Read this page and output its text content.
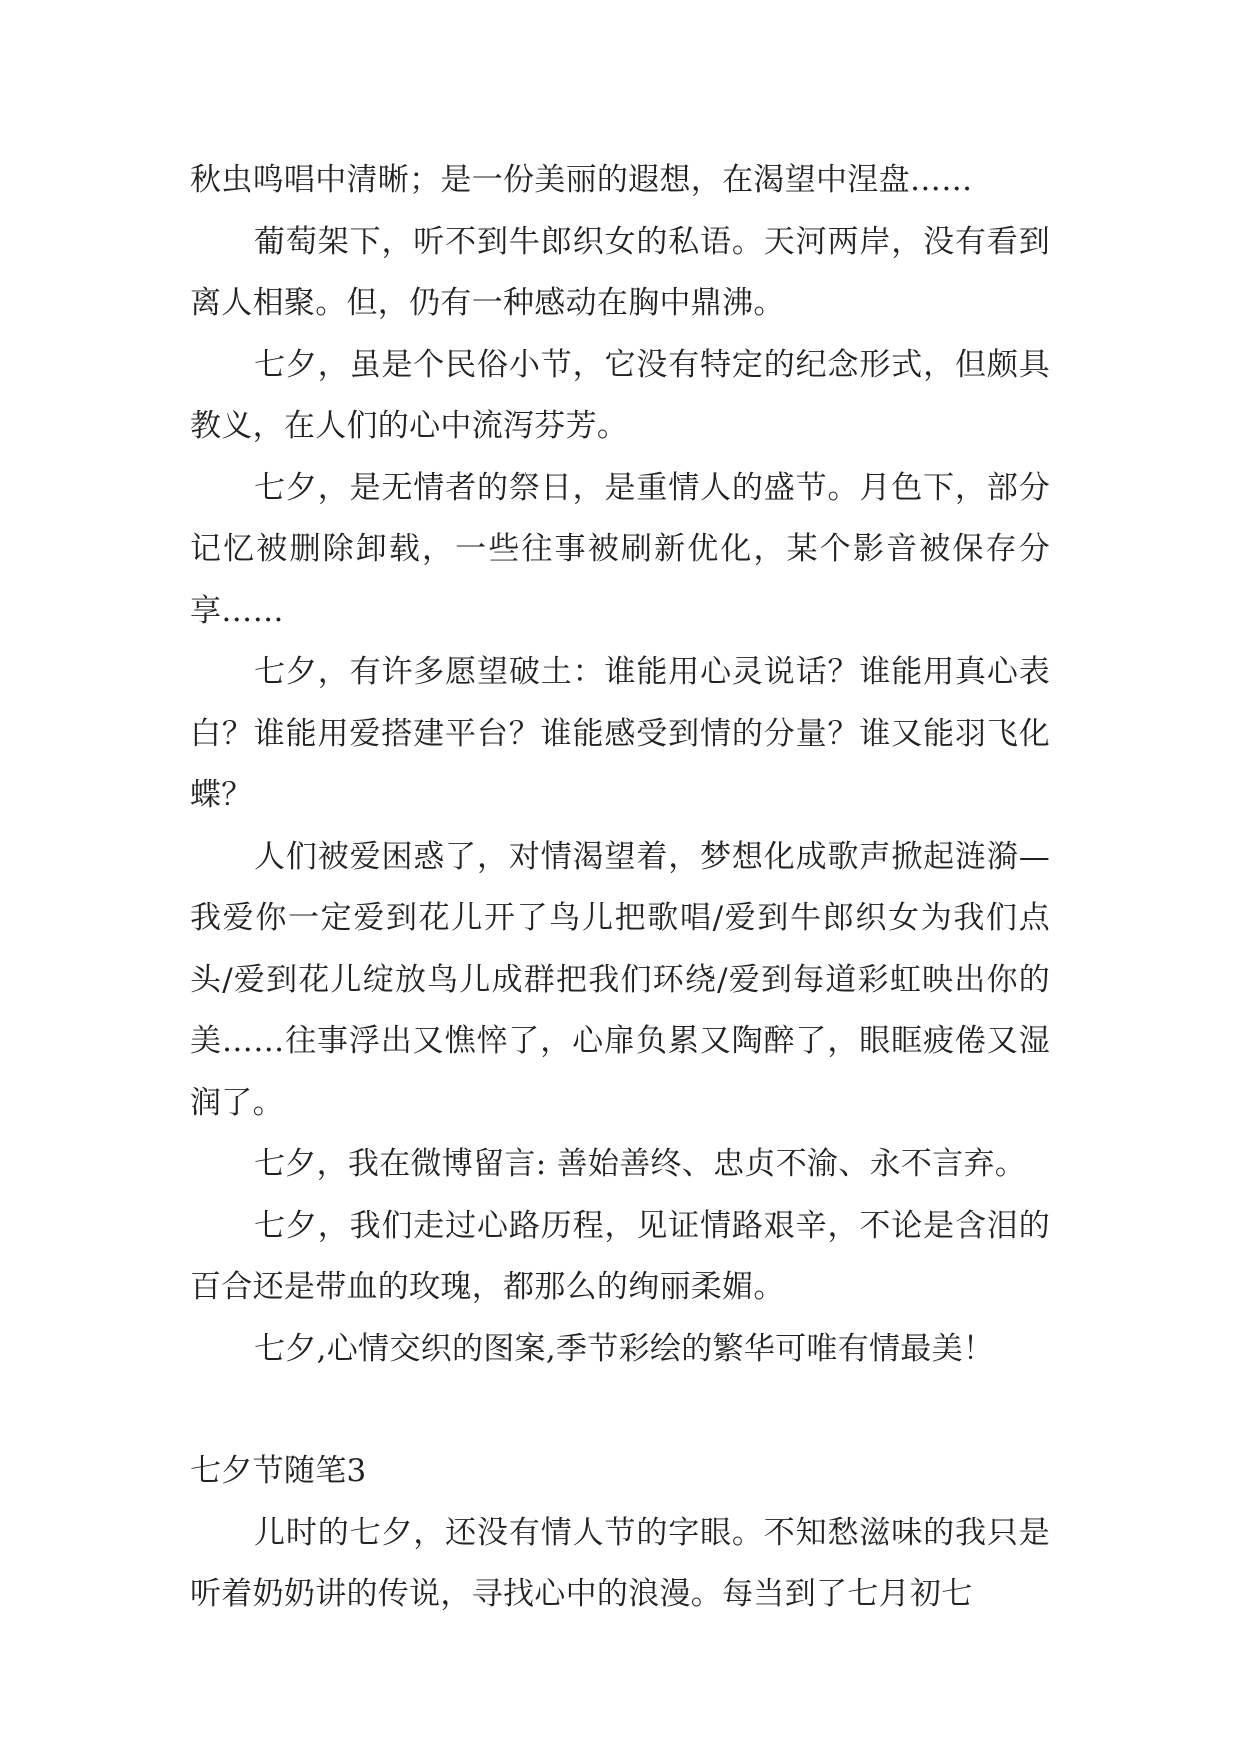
秋虫鸣唱中清晰；是一份美丽的遐想，在渴望中涅盘……

葡萄架下，听不到牛郎织女的私语。天河两岸，没有看到离人相聚。但，仍有一种感动在胸中鼎沸。

七夕，虽是个民俗小节，它没有特定的纪念形式，但颇具教义，在人们的心中流泻芬芳。

七夕，是无情者的祭日，是重情人的盛节。月色下，部分记忆被删除卸载，一些往事被刷新优化，某个影音被保存分享……

七夕，有许多愿望破土：谁能用心灵说话？谁能用真心表白？谁能用爱搭建平台？谁能感受到情的分量？谁又能羽飞化蝶？

人们被爱困惑了，对情渴望着，梦想化成歌声掀起涟漪—我爱你一定爱到花儿开了鸟儿把歌唱/爱到牛郎织女为我们点头/爱到花儿绽放鸟儿成群把我们环绕/爱到每道彩虹映出你的美……往事浮出又憔悴了，心扉负累又陶醉了，眼眶疲倦又湿润了。

七夕，我在微博留言: 善始善终、忠贞不渝、永不言弃。

七夕，我们走过心路历程，见证情路艰辛，不论是含泪的百合还是带血的玫瑰，都那么的绚丽柔媚。

七夕,心情交织的图案,季节彩绘的繁华可唯有情最美！

七夕节随笔3

儿时的七夕，还没有情人节的字眼。不知愁滋味的我只是听着奶奶讲的传说，寻找心中的浪漫。每当到了七月初七
